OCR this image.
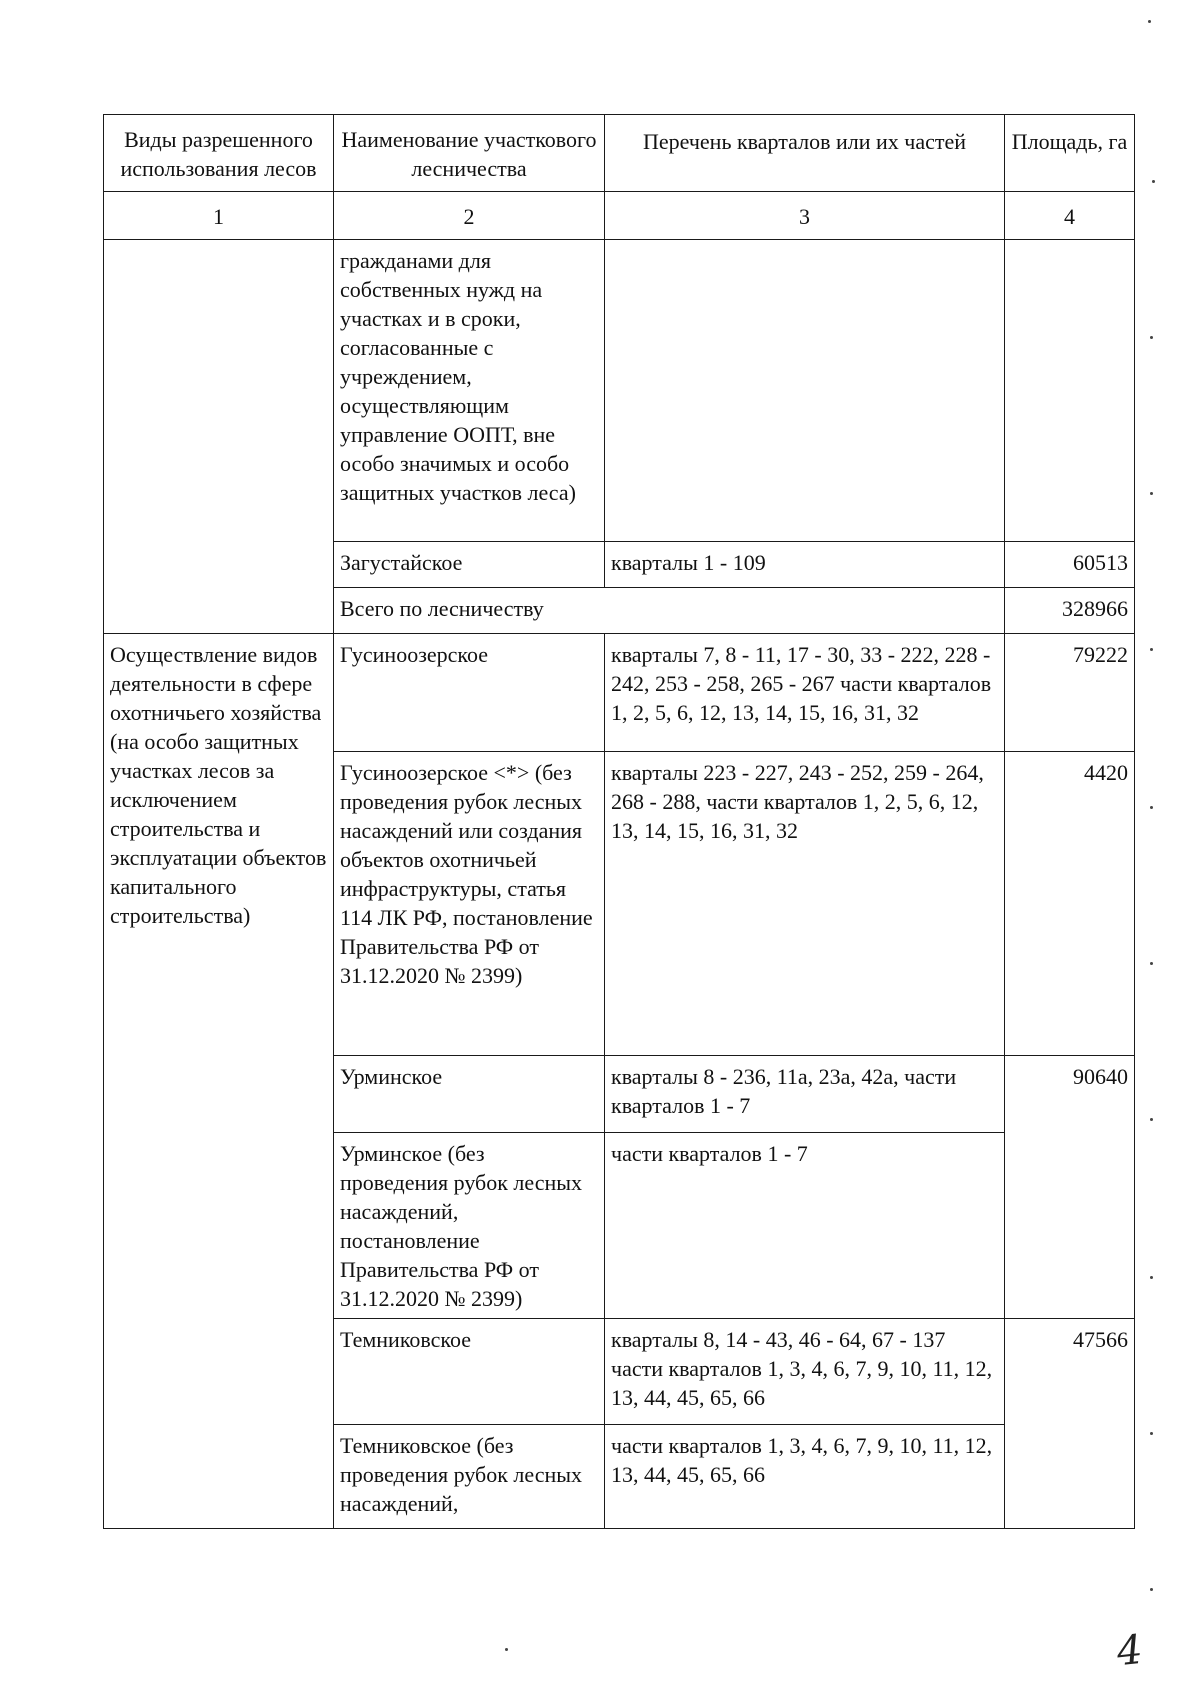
Виды разрешенного использования лесов	Наименование участкового лесничества	Перечень кварталов или их частей	Площадь, га
1	2	3	4
	гражданами для собственных нужд на участках и в сроки, согласованные с учреждением, осуществляющим управление ООПТ, вне особо значимых и особо защитных участков леса)		
	Загустайское	кварталы 1 - 109	60513
	Всего по лесничеству		328966
Осуществление видов деятельности в сфере охотничьего хозяйства (на особо защитных участках лесов за исключением строительства и эксплуатации объектов капитального строительства)	Гусиноозерское	кварталы 7, 8 - 11, 17 - 30, 33 - 222, 228 - 242, 253 - 258, 265 - 267 части кварталов 1, 2, 5, 6, 12, 13, 14, 15, 16, 31, 32	79222
	Гусиноозерское <*> (без проведения рубок лесных насаждений или создания объектов охотничьей инфраструктуры, статья 114 ЛК РФ, постановление Правительства РФ от 31.12.2020 № 2399)	кварталы 223 - 227, 243 - 252, 259 - 264, 268 - 288, части кварталов 1, 2, 5, 6, 12, 13, 14, 15, 16, 31, 32	4420
	Урминское	кварталы 8 - 236, 11а, 23а, 42а, части кварталов 1 - 7	90640
	Урминское (без проведения рубок лесных насаждений, постановление Правительства РФ от 31.12.2020 № 2399)	части кварталов 1 - 7	
	Темниковское	кварталы 8, 14 - 43, 46 - 64, 67 - 137 части кварталов 1, 3, 4, 6, 7, 9, 10, 11, 12, 13, 44, 45, 65, 66	47566
	Темниковское (без проведения рубок лесных насаждений,	части кварталов 1, 3, 4, 6, 7, 9, 10, 11, 12, 13, 44, 45, 65, 66	
4
